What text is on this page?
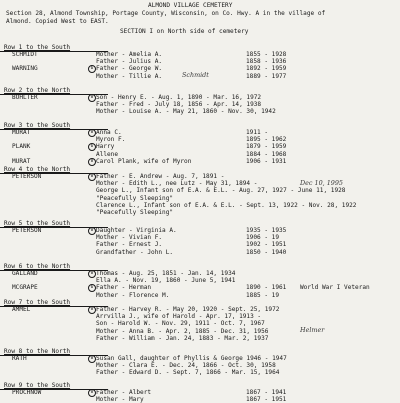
ALMOND VILLAGE CEMETERY
Section 28, Almond Township, Portage County, Wisconsin, on Co. Hwy. A in the village of
Almond. Copied West to EAST.
SECTION I on North side of cemetery
Row 1 to the South
SCHMIDT	Mother - Amelia A.	1855 - 1928
Father - Julius A.	1858 - 1936
WARNING	6 Father - George W.	1892 - 1959
Mother - Tillie A.	1889 - 1977
Schmidt
Row 2 to the North
BOHLTER	8 Son - Henry E. - Aug. 1, 1890 - Mar. 16, 1972
Father - Fred - July 18, 1856 - Apr. 14, 1938
Mother - Louise A. - May 21, 1860 - Nov. 30, 1942
Row 3 to the South
MURAT	8 Anna C.	1911 -
Myron F.	1895 - 1962
PLANK	6 Harry	1879 - 1959
Allene	1884 - 1968
MURAT	8 Carol Plank, wife of Myron	1906 - 1931
Row 4 to the North
PETERSON	8 Father - E. Andrew - Aug. 7, 1891 -
Mother - Edith L., nee Lutz - May 31, 1894 -	Dec 10, 1995
George L., Infant son of E.A. & E.L. - Aug. 27, 1927 - June 11, 1928
"Peacefully Sleeping"
Clarence L., Infant son of E.A. & E.L. - Sept. 13, 1922 - Nov. 28, 1922
"Peacefully Sleeping"
Row 5 to the South
PETERSON	8 Daughter - Virginia A.	1935 - 1935
Mother - Vivian F.	1906 - 19
Father - Ernest J.	1902 - 1951
Grandfather - John L.	1850 - 1940
Row 6 to the North
GALLAND	8 Thomas - Aug. 25, 1851 - Jan. 14, 1934
Ella A. - Nov. 19, 1860 - June 5, 1941
MCGRAPE	6 Father - Herman	1890 - 1961 World War I Veteran
Mother - Florence M.	1885 - 19
Row 7 to the South
AMMEL	8 Father - Harvey R. - May 20, 1920 - Sept. 25, 1972
Arrvilla J., wife of Harold - Apr. 17, 1913 -
Son - Harold W. - Nov. 29, 1911 - Oct. 7, 1967
Mother - Anna B. - Apr. 2, 1885 - Dec. 31, 1956	Helmer
Father - William - Jan. 24, 1883 - Mar. 2, 1937
Row 8 to the North
RATH	8 Susan Gall, daughter of Phyllis & George 1946 - 1947
Mother - Clara E. - Dec. 24, 1866 - Oct. 30, 1958
Father - Edward D. - Sept. 7, 1866 - Mar. 15, 1964
Row 9 to the South
PROCHNOW	8 Father - Albert	1867 - 1941
Mother - Mary	1867 - 1951
